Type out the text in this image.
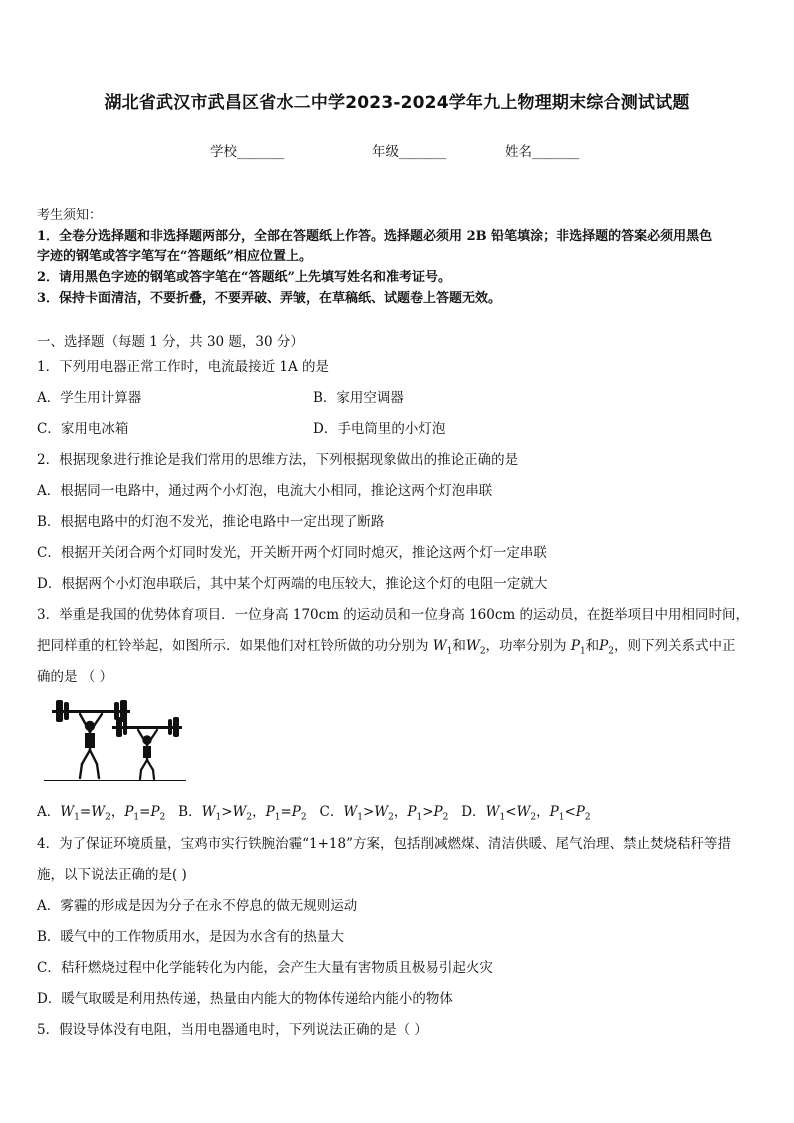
湖北省武汉市武昌区省水二中学2023-2024学年九上物理期末综合测试试题
学校_______	年级_______	姓名_______
考生须知：
1．全卷分选择题和非选择题两部分，全部在答题纸上作答。选择题必须用 2B 铅笔填涂；非选择题的答案必须用黑色
字迹的钢笔或答字笔写在“答题纸”相应位置上。
2．请用黑色字迹的钢笔或答字笔在“答题纸”上先填写姓名和准考证号。
3．保持卡面清洁，不要折叠，不要弄破、弄皱，在草稿纸、试题卷上答题无效。
一、选择题（每题 1 分，共 30 题，30 分）
1．下列用电器正常工作时，电流最接近 1A 的是
A．学生用计算器	B．家用空调器
C．家用电冰箱	D．手电筒里的小灯泡
2．根据现象进行推论是我们常用的思维方法，下列根据现象做出的推论正确的是
A．根据同一电路中，通过两个小灯泡，电流大小相同，推论这两个灯泡串联
B．根据电路中的灯泡不发光，推论电路中一定出现了断路
C．根据开关闭合两个灯同时发光，开关断开两个灯同时熄灭，推论这两个灯一定串联
D．根据两个小灯泡串联后，其中某个灯两端的电压较大，推论这个灯的电阻一定就大
3．举重是我国的优势体育项目．一位身高 170cm 的运动员和一位身高 160cm 的运动员，在挺举项目中用相同时间，
把同样重的杠铃举起，如图所示．如果他们对杠铃所做的功分别为 $W_1$和$W_2$，功率分别为 $P_1$和$P_2$，则下列关系式中正
确的是 （ ）
A．$W_1=W_2$，$P_1=P_2$ B．$W_1>W_2$，$P_1=P_2$ C．$W_1>W_2$，$P_1>P_2$ D．$W_1<W_2$，$P_1<P_2$
4．为了保证环境质量，宝鸡市实行铁腕治霾“1+18”方案，包括削减燃煤、清洁供暖、尾气治理、禁止焚烧秸秆等措
施，以下说法正确的是( )
A．雾霾的形成是因为分子在永不停息的做无规则运动
B．暖气中的工作物质用水，是因为水含有的热量大
C．秸秆燃烧过程中化学能转化为内能，会产生大量有害物质且极易引起火灾
D．暖气取暖是利用热传递，热量由内能大的物体传递给内能小的物体
5．假设导体没有电阻，当用电器通电时，下列说法正确的是（ ）
